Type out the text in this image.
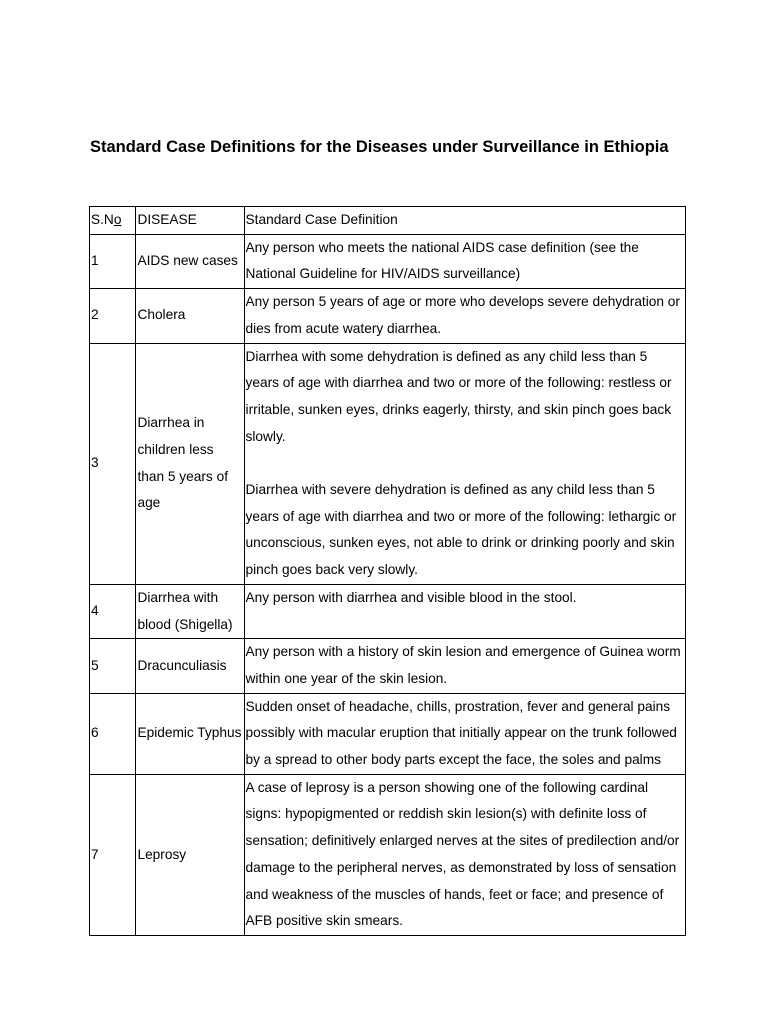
Standard Case Definitions for the Diseases under Surveillance in Ethiopia
S.No	DISEASE	Standard Case Definition
1	AIDS new cases	Any person who meets the national AIDS case definition (see the National Guideline for HIV/AIDS surveillance)

2	Cholera	Any person 5 years of age or more who develops severe dehydration or dies from acute watery diarrhea.

3	Diarrhea in children less than 5 years of age	Diarrhea with some dehydration is defined as any child less than 5 years of age with diarrhea and two or more of the following: restless or irritable, sunken eyes, drinks eagerly, thirsty, and skin pinch goes back slowly.
Diarrhea with severe dehydration is defined as any child less than 5 years of age with diarrhea and two or more of the following: lethargic or unconscious, sunken eyes, not able to drink or drinking poorly and skin pinch goes back very slowly.

4	Diarrhea with blood (Shigella)	Any person with diarrhea and visible blood in the stool.

5	Dracunculiasis	Any person with a history of skin lesion and emergence of Guinea worm within one year of the skin lesion.

6	Epidemic Typhus	Sudden onset of headache, chills, prostration, fever and general pains possibly with macular eruption that initially appear on the trunk followed by a spread to other body parts except the face, the soles and palms

7	Leprosy	A case of leprosy is a person showing one of the following cardinal signs: hypopigmented or reddish skin lesion(s) with definite loss of sensation; definitively enlarged nerves at the sites of predilection and/or damage to the peripheral nerves, as demonstrated by loss of sensation and weakness of the muscles of hands, feet or face; and presence of AFB positive skin smears.
